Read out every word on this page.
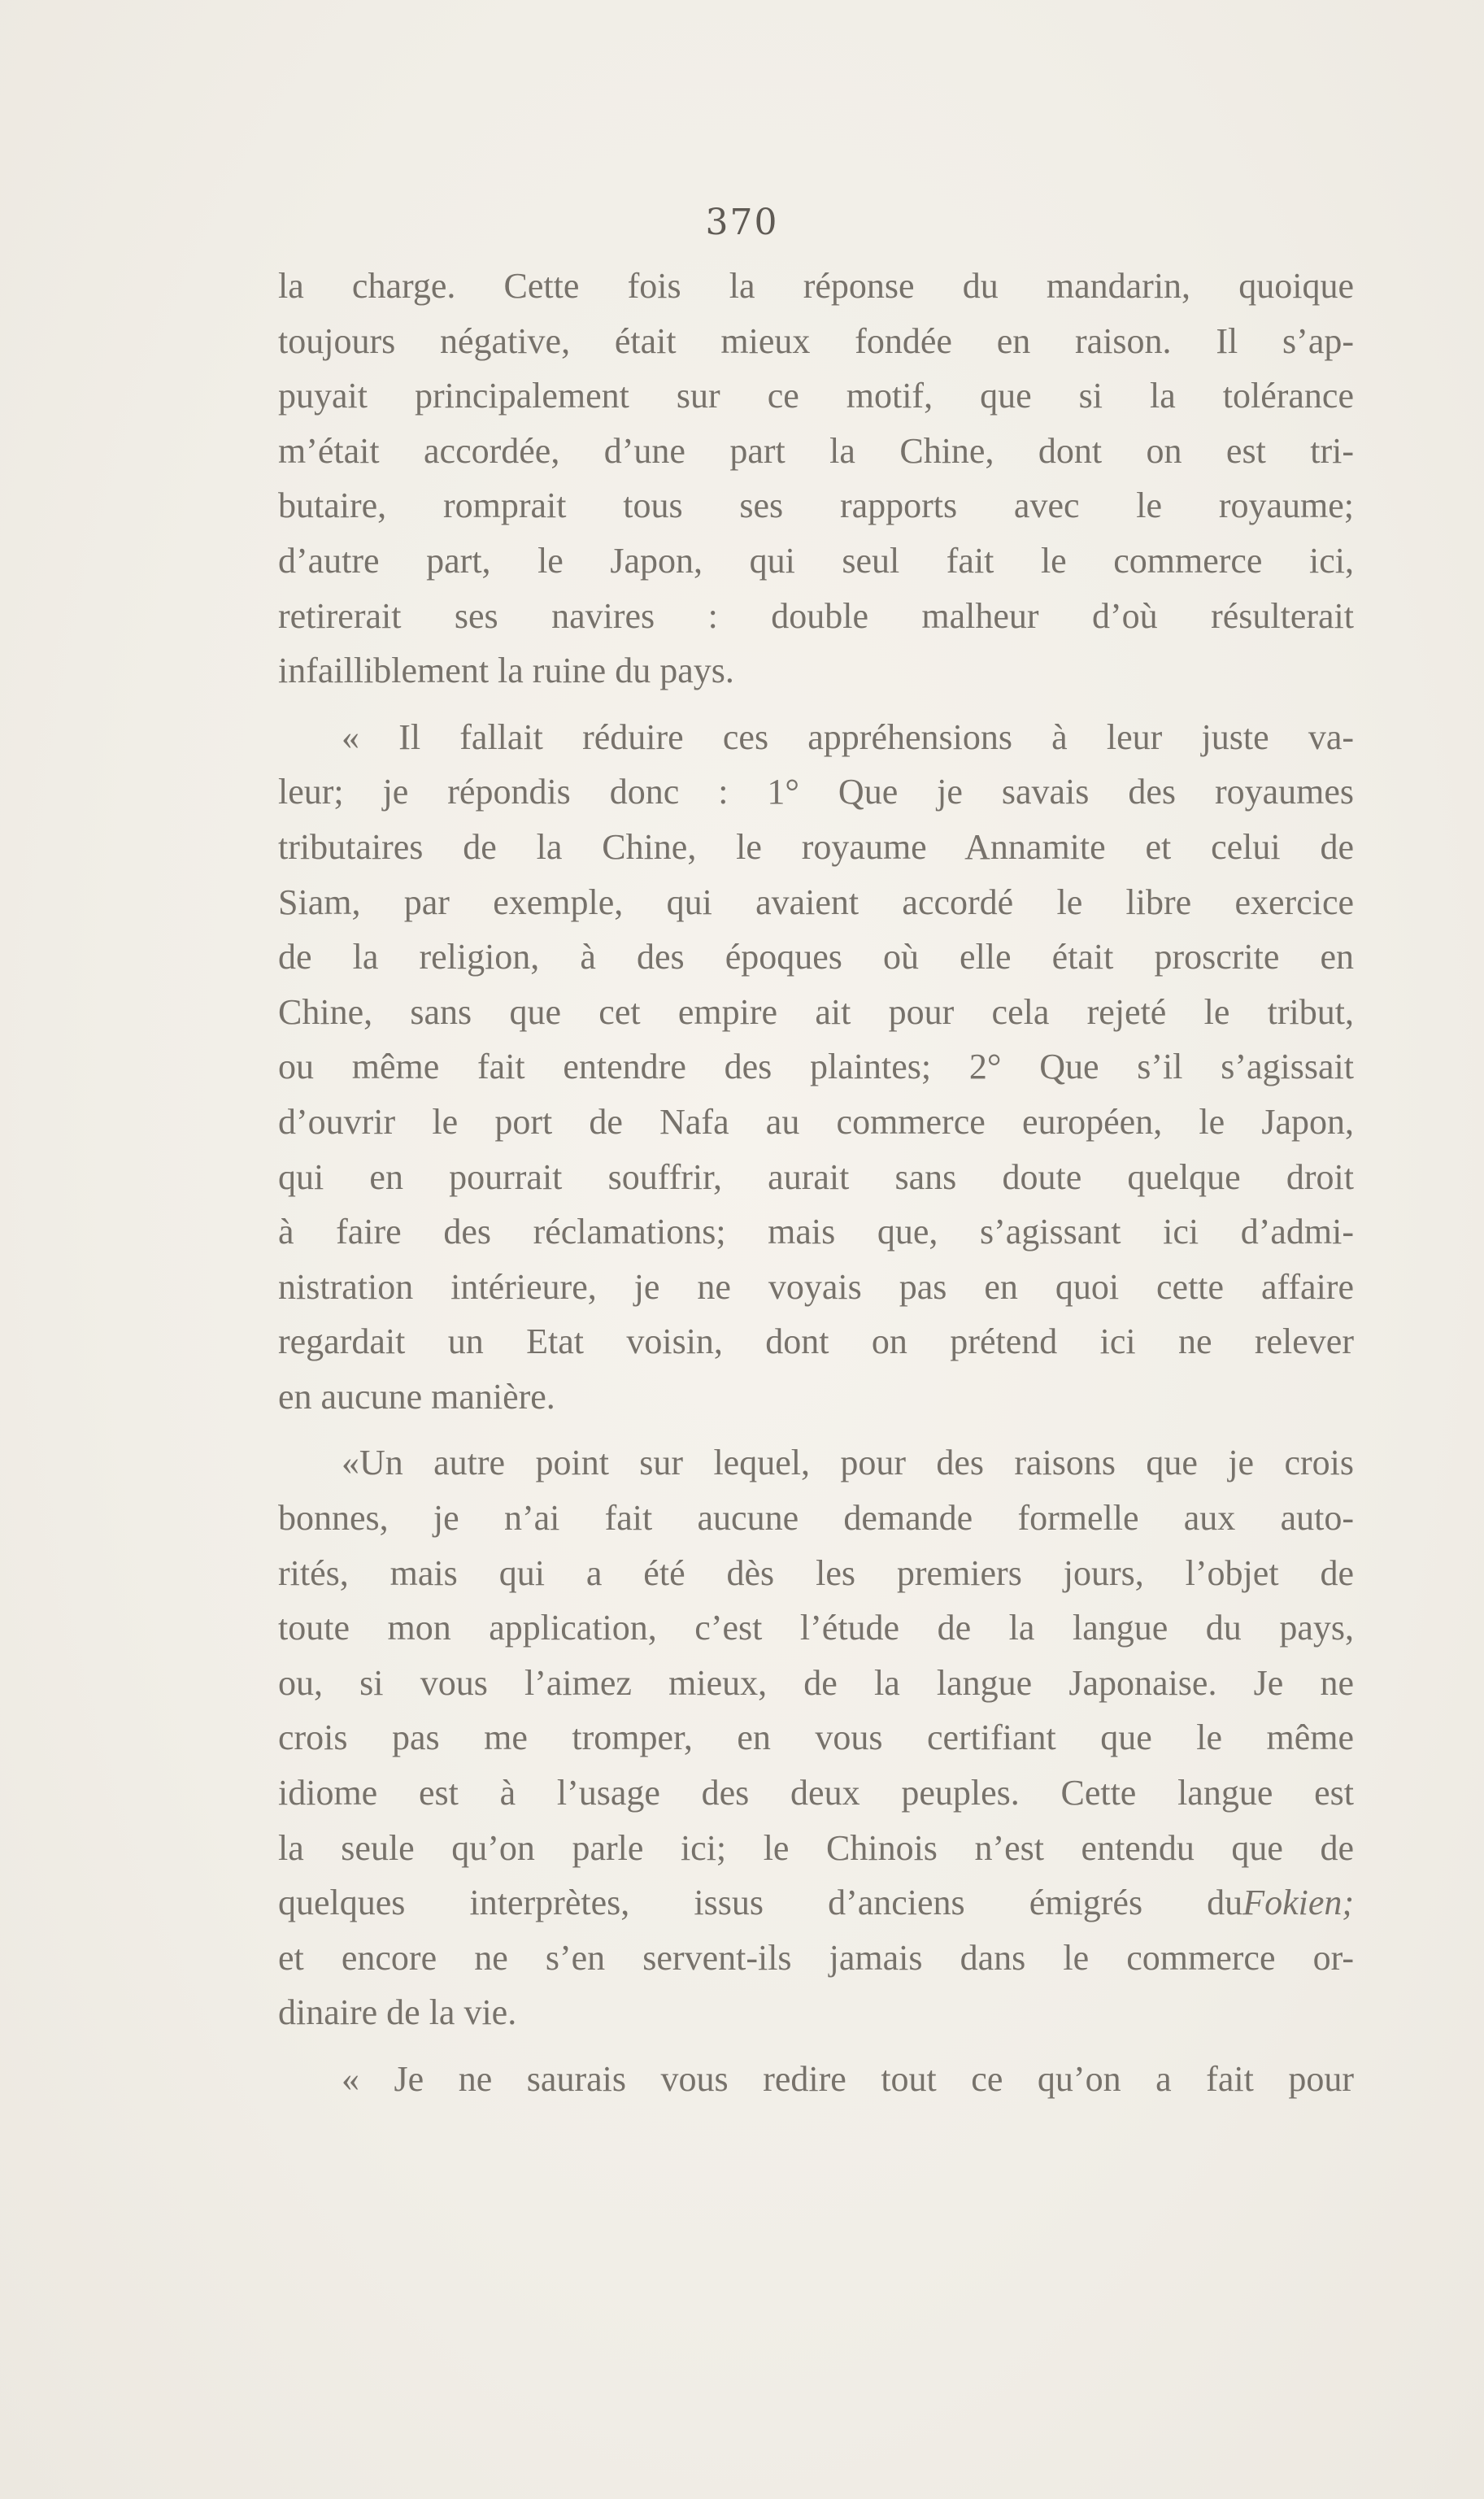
370
la charge. Cette fois la réponse du mandarin, quoique
toujours négative, était mieux fondée en raison. Il s’ap-
puyait principalement sur ce motif, que si la tolérance
m’était accordée, d’une part la Chine, dont on est tri-
butaire, romprait tous ses rapports avec le royaume;
d’autre part, le Japon, qui seul fait le commerce ici,
retirerait ses navires : double malheur d’où résulterait
infailliblement la ruine du pays.
« Il fallait réduire ces appréhensions à leur juste va-
leur; je répondis donc : 1° Que je savais des royaumes
tributaires de la Chine, le royaume Annamite et celui de
Siam, par exemple, qui avaient accordé le libre exercice
de la religion, à des époques où elle était proscrite en
Chine, sans que cet empire ait pour cela rejeté le tribut,
ou même fait entendre des plaintes; 2° Que s’il s’agissait
d’ouvrir le port de Nafa au commerce européen, le Japon,
qui en pourrait souffrir, aurait sans doute quelque droit
à faire des réclamations; mais que, s’agissant ici d’admi-
nistration intérieure, je ne voyais pas en quoi cette affaire
regardait un Etat voisin, dont on prétend ici ne relever
en aucune manière.
«Un autre point sur lequel, pour des raisons que je crois
bonnes, je n’ai fait aucune demande formelle aux auto-
rités, mais qui a été dès les premiers jours, l’objet de
toute mon application, c’est l’étude de la langue du pays,
ou, si vous l’aimez mieux, de la langue Japonaise. Je ne
crois pas me tromper, en vous certifiant que le même
idiome est à l’usage des deux peuples. Cette langue est
la seule qu’on parle ici; le Chinois n’est entendu que de
quelques interprètes, issus d’anciens émigrés duFokien;
et encore ne s’en servent-ils jamais dans le commerce or-
dinaire de la vie.
« Je ne saurais vous redire tout ce qu’on a fait pour
